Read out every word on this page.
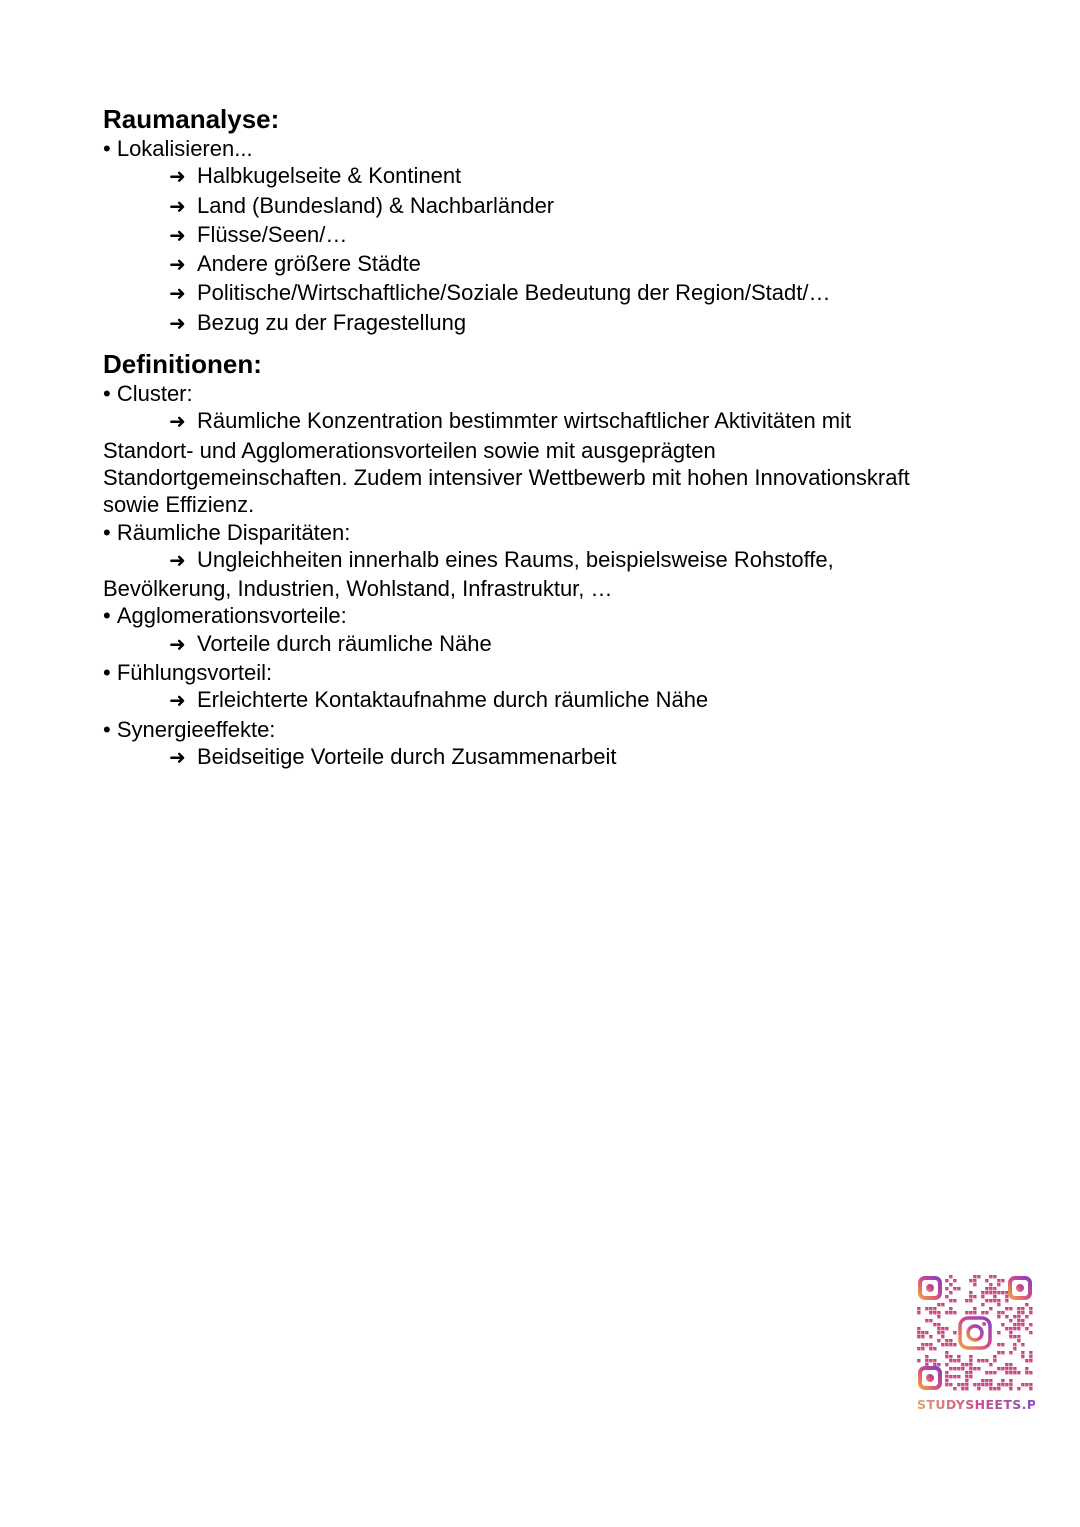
Raumanalyse:
• Lokalisieren...
➜ Halbkugelseite & Kontinent
➜ Land (Bundesland) & Nachbarländer
➜ Flüsse/Seen/…
➜ Andere größere Städte
➜ Politische/Wirtschaftliche/Soziale Bedeutung der Region/Stadt/…
➜ Bezug zu der Fragestellung
Definitionen:
• Cluster:
➜ Räumliche Konzentration bestimmter wirtschaftlicher Aktivitäten mit
Standort- und Agglomerationsvorteilen sowie mit ausgeprägten
Standortgemeinschaften. Zudem intensiver Wettbewerb mit hohen Innovationskraft
sowie Effizienz.
• Räumliche Disparitäten:
➜ Ungleichheiten innerhalb eines Raums, beispielsweise Rohstoffe,
Bevölkerung, Industrien, Wohlstand, Infrastruktur, …
• Agglomerationsvorteile:
➜ Vorteile durch räumliche Nähe
• Fühlungsvorteil:
➜ Erleichterte Kontaktaufnahme durch räumliche Nähe
• Synergieeffekte:
➜ Beidseitige Vorteile durch Zusammenarbeit
STUDYSHEETS.PC
